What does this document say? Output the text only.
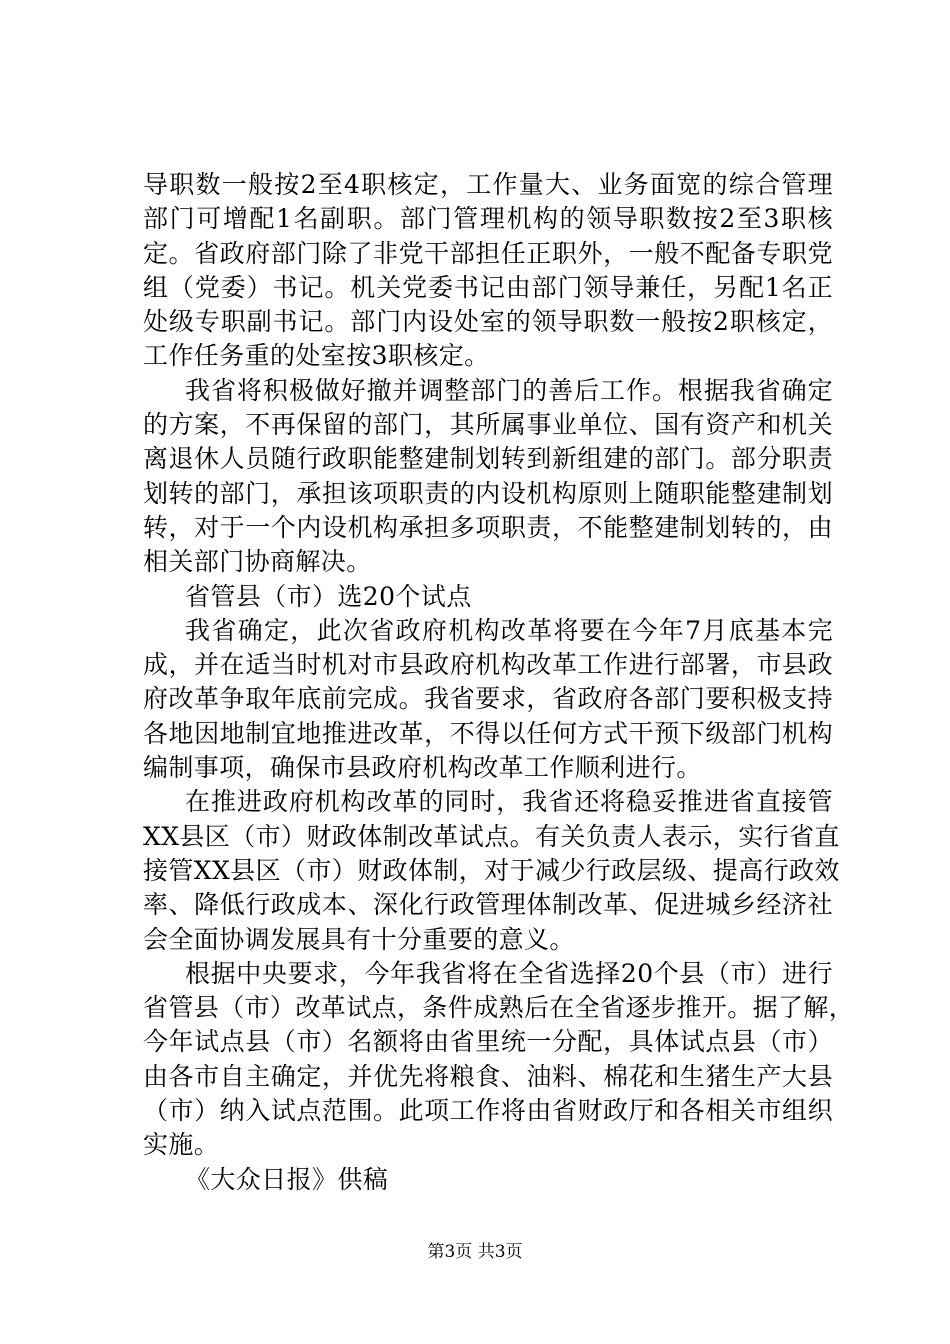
导职数一般按2至4职核定，工作量大、业务面宽的综合管理
部门可增配1名副职。部门管理机构的领导职数按2至3职核
定。省政府部门除了非党干部担任正职外，一般不配备专职党
组（党委）书记。机关党委书记由部门领导兼任，另配1名正
处级专职副书记。部门内设处室的领导职数一般按2职核定，
工作任务重的处室按3职核定。
我省将积极做好撤并调整部门的善后工作。根据我省确定
的方案，不再保留的部门，其所属事业单位、国有资产和机关
离退休人员随行政职能整建制划转到新组建的部门。部分职责
划转的部门，承担该项职责的内设机构原则上随职能整建制划
转，对于一个内设机构承担多项职责，不能整建制划转的，由
相关部门协商解决。
省管县（市）选20个试点
我省确定，此次省政府机构改革将要在今年7月底基本完
成，并在适当时机对市县政府机构改革工作进行部署，市县政
府改革争取年底前完成。我省要求，省政府各部门要积极支持
各地因地制宜地推进改革，不得以任何方式干预下级部门机构
编制事项，确保市县政府机构改革工作顺利进行。
在推进政府机构改革的同时，我省还将稳妥推进省直接管
XX县区（市）财政体制改革试点。有关负责人表示，实行省直
接管XX县区（市）财政体制，对于减少行政层级、提高行政效
率、降低行政成本、深化行政管理体制改革、促进城乡经济社
会全面协调发展具有十分重要的意义。
根据中央要求，今年我省将在全省选择20个县（市）进行
省管县（市）改革试点，条件成熟后在全省逐步推开。据了解，
今年试点县（市）名额将由省里统一分配，具体试点县（市）
由各市自主确定，并优先将粮食、油料、棉花和生猪生产大县
（市）纳入试点范围。此项工作将由省财政厅和各相关市组织
实施。
《大众日报》供稿
第3页 共3页
